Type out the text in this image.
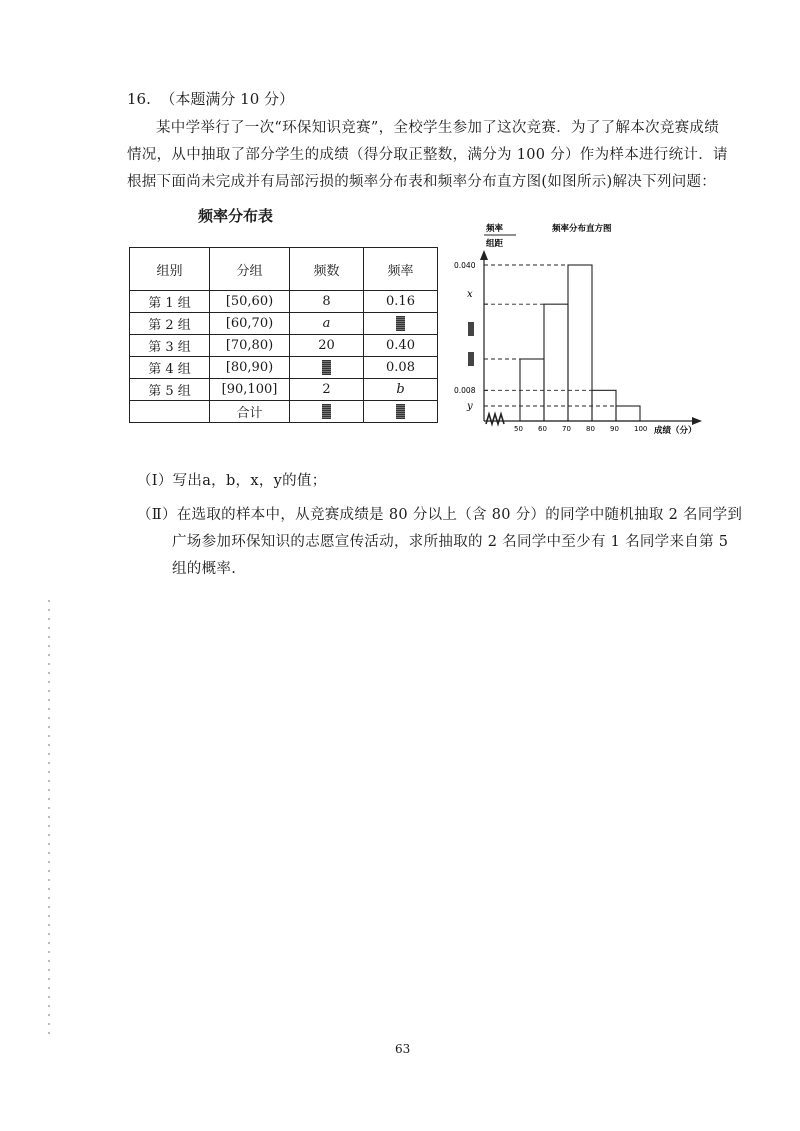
16. （本题满分 10 分）
某中学举行了一次“环保知识竞赛”，全校学生参加了这次竞赛．为了了解本次竞赛成绩
情况，从中抽取了部分学生的成绩（得分取正整数，满分为 100 分）作为样本进行统计．请
根据下面尚未完成并有局部污损的频率分布表和频率分布直方图(如图所示)解决下列问题：
频率分布表
组别	分组	频数	频率
第 1 组	[50,60)	8	0.16
第 2 组	[60,70)	a	
第 3 组	[70,80)	20	0.40
第 4 组	[80,90)		0.08
第 5 组	[90,100]	2	b
	合计		
频率
组距
频率分布直方图
成绩（分）
50 60 70 80 90 100
0.040
x
0.008
y
（Ⅰ）写出a，b，x，y的值；
（Ⅱ）在选取的样本中，从竞赛成绩是 80 分以上（含 80 分）的同学中随机抽取 2 名同学到
广场参加环保知识的志愿宣传活动，求所抽取的 2 名同学中至少有 1 名同学来自第 5
组的概率.
63
